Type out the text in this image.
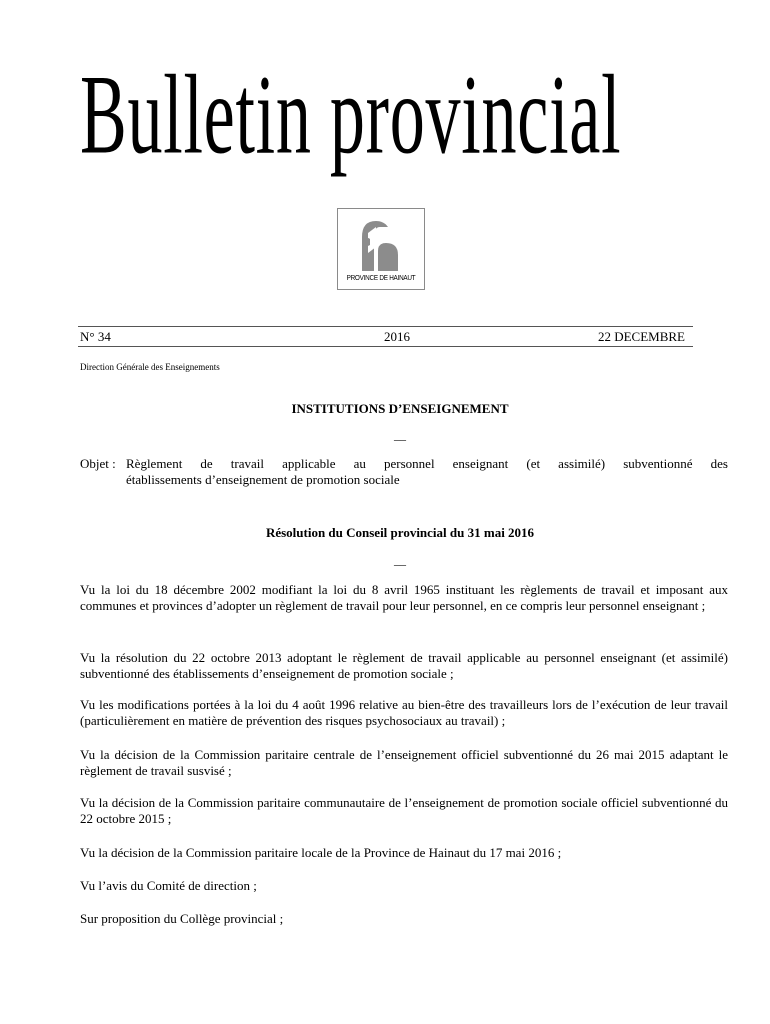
Bulletin provincial
PROVINCE DE HAINAUT
N° 34	2016	22 DECEMBRE
Direction Générale des Enseignements
INSTITUTIONS D’ENSEIGNEMENT
__
Objet : Règlement de travail applicable au personnel enseignant (et assimilé) subventionné des
établissements d’enseignement de promotion sociale
Résolution du Conseil provincial du 31 mai 2016
__
Vu la loi du 18 décembre 2002 modifiant la loi du 8 avril 1965 instituant les règlements de travail et imposant aux communes et provinces d’adopter un règlement de travail pour leur personnel, en ce compris leur personnel enseignant ;
Vu la résolution du 22 octobre 2013 adoptant le règlement de travail applicable au personnel enseignant (et assimilé) subventionné des établissements d’enseignement de promotion sociale ;
Vu les modifications portées à la loi du 4 août 1996 relative au bien-être des travailleurs lors de l’exécution de leur travail (particulièrement en matière de prévention des risques psychosociaux au travail) ;
Vu la décision de la Commission paritaire centrale de l’enseignement officiel subventionné du 26 mai 2015 adaptant le règlement de travail susvisé ;
Vu la décision de la Commission paritaire communautaire de l’enseignement de promotion sociale officiel subventionné du 22 octobre 2015 ;
Vu la décision de la Commission paritaire locale de la Province de Hainaut du 17 mai 2016 ;
Vu l’avis du Comité de direction ;
Sur proposition du Collège provincial ;
